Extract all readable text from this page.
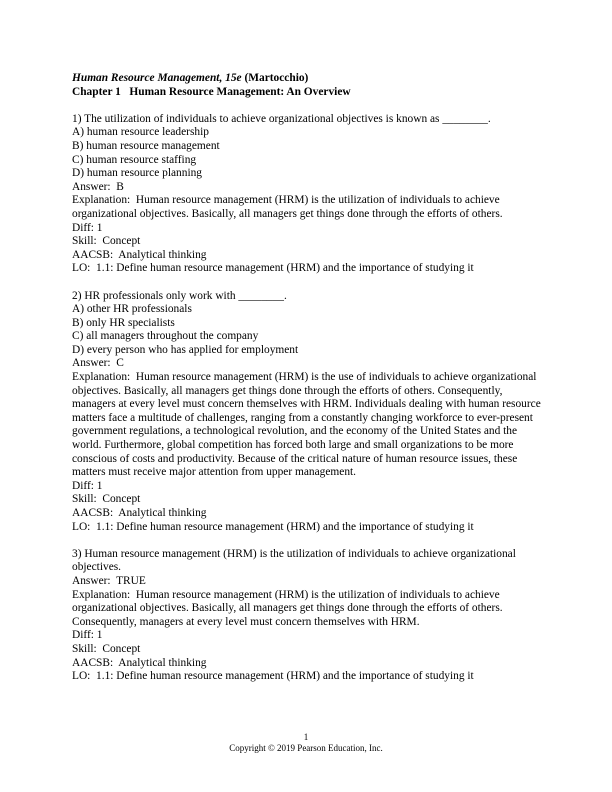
Human Resource Management, 15e (Martocchio)
Chapter 1   Human Resource Management: An Overview
1) The utilization of individuals to achieve organizational objectives is known as ________.
A) human resource leadership
B) human resource management
C) human resource staffing
D) human resource planning
Answer:  B
Explanation:  Human resource management (HRM) is the utilization of individuals to achieve organizational objectives. Basically, all managers get things done through the efforts of others.
Diff: 1
Skill:  Concept
AACSB:  Analytical thinking
LO:  1.1: Define human resource management (HRM) and the importance of studying it
2) HR professionals only work with ________.
A) other HR professionals
B) only HR specialists
C) all managers throughout the company
D) every person who has applied for employment
Answer:  C
Explanation:  Human resource management (HRM) is the use of individuals to achieve organizational objectives. Basically, all managers get things done through the efforts of others. Consequently, managers at every level must concern themselves with HRM. Individuals dealing with human resource matters face a multitude of challenges, ranging from a constantly changing workforce to ever-present government regulations, a technological revolution, and the economy of the United States and the world. Furthermore, global competition has forced both large and small organizations to be more conscious of costs and productivity. Because of the critical nature of human resource issues, these matters must receive major attention from upper management.
Diff: 1
Skill:  Concept
AACSB:  Analytical thinking
LO:  1.1: Define human resource management (HRM) and the importance of studying it
3) Human resource management (HRM) is the utilization of individuals to achieve organizational objectives.
Answer:  TRUE
Explanation:  Human resource management (HRM) is the utilization of individuals to achieve organizational objectives. Basically, all managers get things done through the efforts of others. Consequently, managers at every level must concern themselves with HRM.
Diff: 1
Skill:  Concept
AACSB:  Analytical thinking
LO:  1.1: Define human resource management (HRM) and the importance of studying it
1
Copyright © 2019 Pearson Education, Inc.
